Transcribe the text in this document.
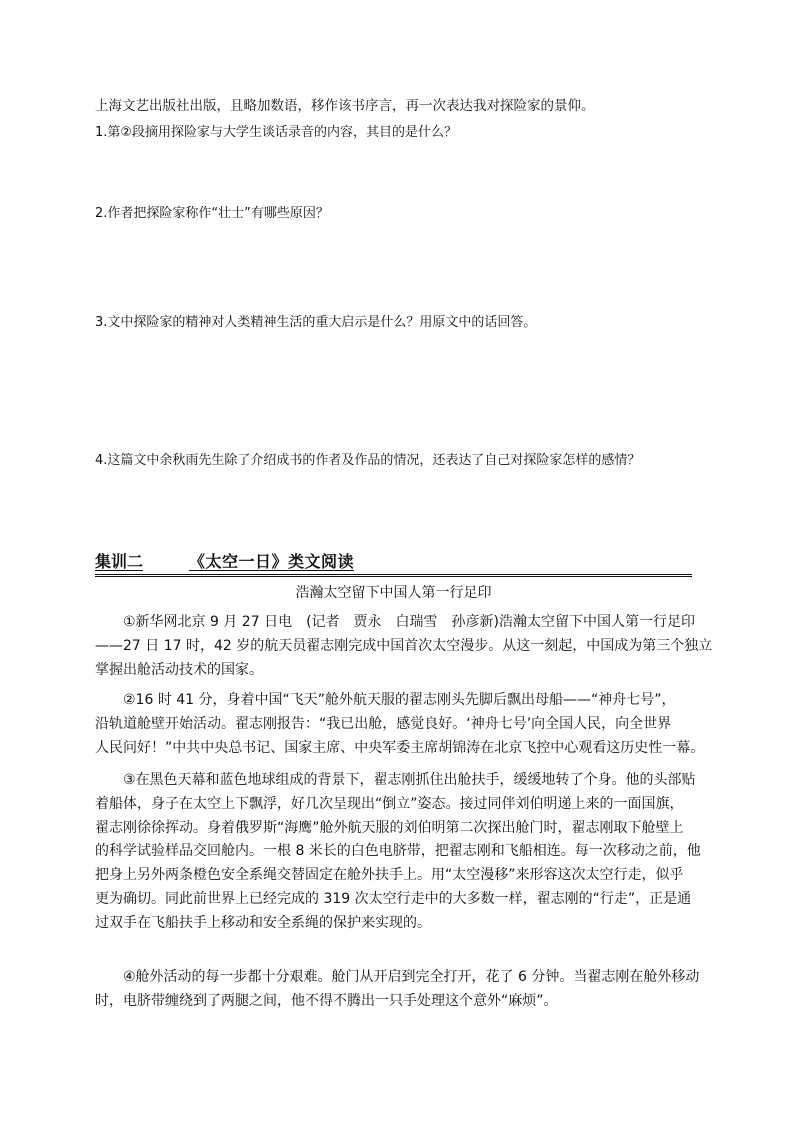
上海文艺出版社出版，且略加数语，移作该书序言，再一次表达我对探险家的景仰。
1.第②段摘用探险家与大学生谈话录音的内容，其目的是什么？
2.作者把探险家称作“壮士”有哪些原因？
3.文中探险家的精神对人类精神生活的重大启示是什么？用原文中的话回答。
4.这篇文中余秋雨先生除了介绍成书的作者及作品的情况，还表达了自己对探险家怎样的感情？
集训二	《太空一日》类文阅读
浩瀚太空留下中国人第一行足印
　　①新华网北京 9 月 27 日电　(记者　贾永　白瑞雪　孙彦新)浩瀚太空留下中国人第一行足印
——27 日 17 时，42 岁的航天员翟志刚完成中国首次太空漫步。从这一刻起，中国成为第三个独立
掌握出舱活动技术的国家。
　　②16 时 41 分，身着中国“飞天”舱外航天服的翟志刚头先脚后飘出母船——“神舟七号”，
沿轨道舱壁开始活动。翟志刚报告：“我已出舱，感觉良好。‘神舟七号’向全国人民，向全世界
人民问好！”中共中央总书记、国家主席、中央军委主席胡锦涛在北京飞控中心观看这历史性一幕。
　　③在黑色天幕和蓝色地球组成的背景下，翟志刚抓住出舱扶手，缓缓地转了个身。他的头部贴
着船体，身子在太空上下飘浮，好几次呈现出“倒立”姿态。接过同伴刘伯明递上来的一面国旗，
翟志刚徐徐挥动。身着俄罗斯“海鹰”舱外航天服的刘伯明第二次探出舱门时，翟志刚取下舱壁上
的科学试验样品交回舱内。一根 8 米长的白色电脐带，把翟志刚和飞船相连。每一次移动之前，他
把身上另外两条橙色安全系绳交替固定在舱外扶手上。用“太空漫移”来形容这次太空行走，似乎
更为确切。同此前世界上已经完成的 319 次太空行走中的大多数一样，翟志刚的“行走”，正是通
过双手在飞船扶手上移动和安全系绳的保护来实现的。
　　④舱外活动的每一步都十分艰难。舱门从开启到完全打开，花了 6 分钟。当翟志刚在舱外移动
时，电脐带缠绕到了两腿之间，他不得不腾出一只手处理这个意外“麻烦”。
